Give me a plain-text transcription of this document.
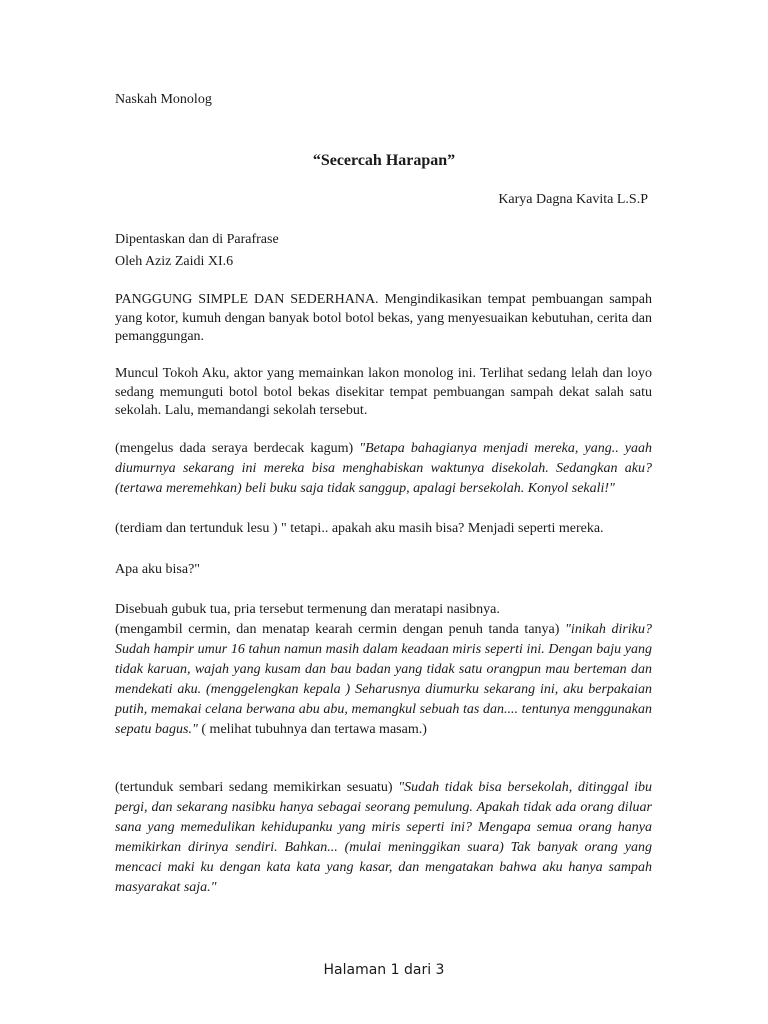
Naskah Monolog
“Secercah Harapan”
Karya Dagna Kavita L.S.P
Dipentaskan dan di Parafrase
Oleh Aziz Zaidi XI.6

PANGGUNG SIMPLE DAN SEDERHANA. Mengindikasikan tempat pembuangan sampah yang kotor, kumuh dengan banyak botol botol bekas, yang menyesuaikan kebutuhan, cerita dan pemanggungan.

Muncul Tokoh Aku, aktor yang memainkan lakon monolog ini. Terlihat sedang lelah dan loyo sedang memunguti botol botol bekas disekitar tempat pembuangan sampah dekat salah satu sekolah. Lalu, memandangi sekolah tersebut.

(mengelus dada seraya berdecak kagum) "Betapa bahagianya menjadi mereka, yang.. yaah diumurnya sekarang ini mereka bisa menghabiskan waktunya disekolah. Sedangkan aku? (tertawa meremehkan) beli buku saja tidak sanggup, apalagi bersekolah. Konyol sekali!"

(terdiam dan tertunduk lesu ) " tetapi.. apakah aku masih bisa? Menjadi seperti mereka.

Apa aku bisa?"

Disebuah gubuk tua, pria tersebut termenung dan meratapi nasibnya.

(mengambil cermin, dan menatap kearah cermin dengan penuh tanda tanya) "inikah diriku? Sudah hampir umur 16 tahun namun masih dalam keadaan miris seperti ini. Dengan baju yang tidak karuan, wajah yang kusam dan bau badan yang tidak satu orangpun mau berteman dan mendekati aku. (menggelengkan kepala ) Seharusnya diumurku sekarang ini, aku berpakaian putih, memakai celana berwana abu abu, memangkul sebuah tas dan.... tentunya menggunakan sepatu bagus." ( melihat tubuhnya dan tertawa masam.)

(tertunduk sembari sedang memikirkan sesuatu) "Sudah tidak bisa bersekolah, ditinggal ibu pergi, dan sekarang nasibku hanya sebagai seorang pemulung. Apakah tidak ada orang diluar sana yang memedulikan kehidupanku yang miris seperti ini? Mengapa semua orang hanya memikirkan dirinya sendiri. Bahkan... (mulai meninggikan suara) Tak banyak orang yang mencaci maki ku dengan kata kata yang kasar, dan mengatakan bahwa aku hanya sampah masyarakat saja."

Halaman 1 dari 3
